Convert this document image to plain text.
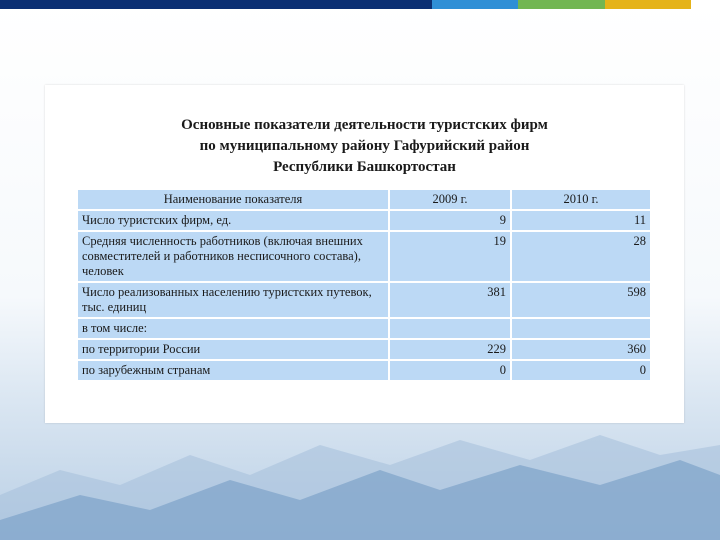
Основные показатели деятельности туристских фирм
по муниципальному району Гафурийский район
Республики Башкортостан
Наименование показателя	2009 г.	2010 г.
Число туристских фирм, ед.	9	11
Средняя численность работников (включая внешних совместителей и работников несписочного состава), человек	19	28
Число реализованных населению туристских путевок, тыс. единиц	381	598
в том числе:		
по территории России	229	360
по зарубежным странам	0	0
